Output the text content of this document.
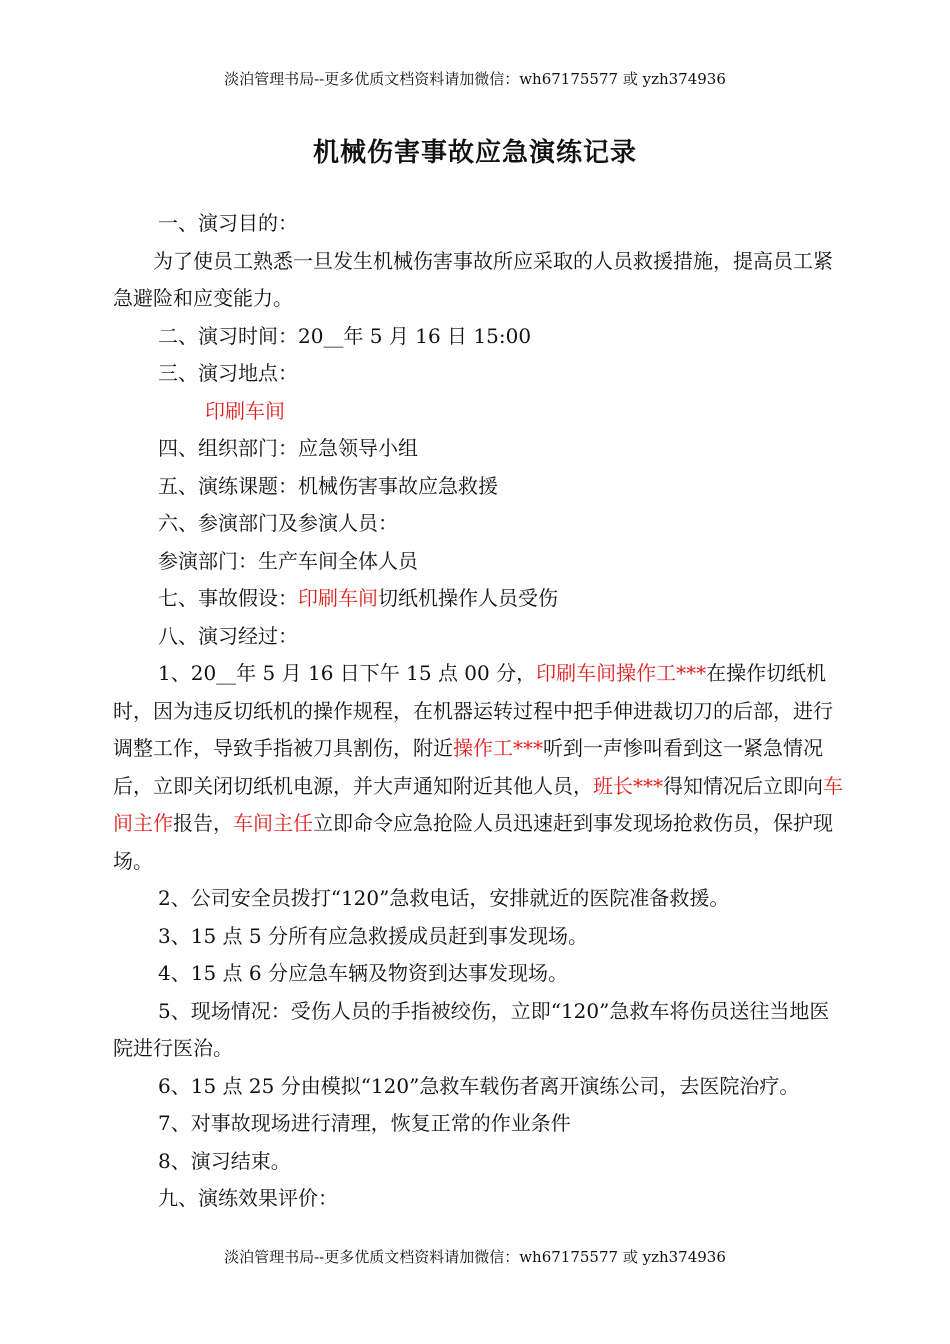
淡泊管理书局--更多优质文档资料请加微信：wh67175577 或 yzh374936
机械伤害事故应急演练记录

一、演习目的：

为了使员工熟悉一旦发生机械伤害事故所应采取的人员救援措施，提高员工紧急避险和应变能力。

二、演习时间：20__年 5 月 16 日 15:00

三、演习地点：

印刷车间

四、组织部门：应急领导小组

五、演练课题：机械伤害事故应急救援

六、参演部门及参演人员：

参演部门：生产车间全体人员

七、事故假设：印刷车间切纸机操作人员受伤

八、演习经过：

1、20__年 5 月 16 日下午 15 点 00 分，印刷车间操作工***在操作切纸机时，因为违反切纸机的操作规程，在机器运转过程中把手伸进裁切刀的后部，进行调整工作，导致手指被刀具割伤，附近操作工***听到一声惨叫看到这一紧急情况后，立即关闭切纸机电源，并大声通知附近其他人员，班长***得知情况后立即向车间主作报告，车间主任立即命令应急抢险人员迅速赶到事发现场抢救伤员，保护现场。

2、公司安全员拨打“120”急救电话，安排就近的医院准备救援。

3、15 点 5 分所有应急救援成员赶到事发现场。

4、15 点 6 分应急车辆及物资到达事发现场。

5、现场情况：受伤人员的手指被绞伤，立即“120”急救车将伤员送往当地医院进行医治。

6、15 点 25 分由模拟“120”急救车载伤者离开演练公司，去医院治疗。

7、对事故现场进行清理，恢复正常的作业条件

8、演习结束。

九、演练效果评价：

淡泊管理书局--更多优质文档资料请加微信：wh67175577 或 yzh374936
